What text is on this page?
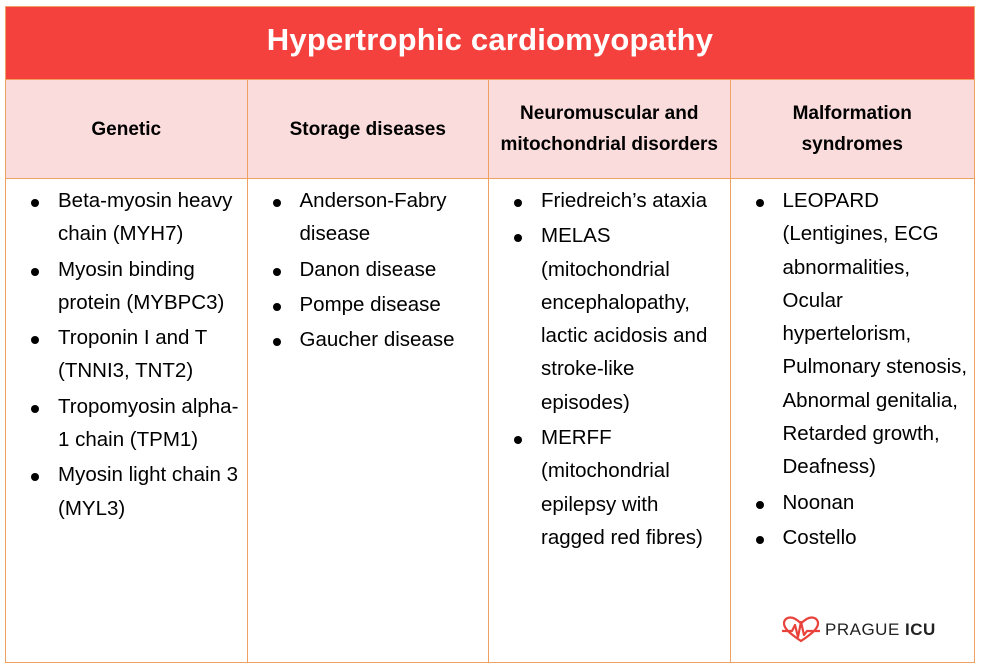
Hypertrophic cardiomyopathy
Genetic	Storage diseases
Neuromuscular and mitochondrial disorders
Malformation syndromes
Beta-myosin heavy chain (MYH7)
Myosin binding protein (MYBPC3)
Troponin I and T (TNNI3, TNT2)
Tropomyosin alpha-1 chain (TPM1)
Myosin light chain 3 (MYL3)
Anderson-Fabry disease
Danon disease
Pompe disease
Gaucher disease
Friedreich’s ataxia
MELAS (mitochondrial encephalopathy, lactic acidosis and stroke-like episodes)
MERFF (mitochondrial epilepsy with ragged red fibres)
LEOPARD (Lentigines, ECG abnormalities, Ocular hypertelorism, Pulmonary stenosis, Abnormal genitalia, Retarded growth, Deafness)
Noonan
Costello
PRAGUE ICU
